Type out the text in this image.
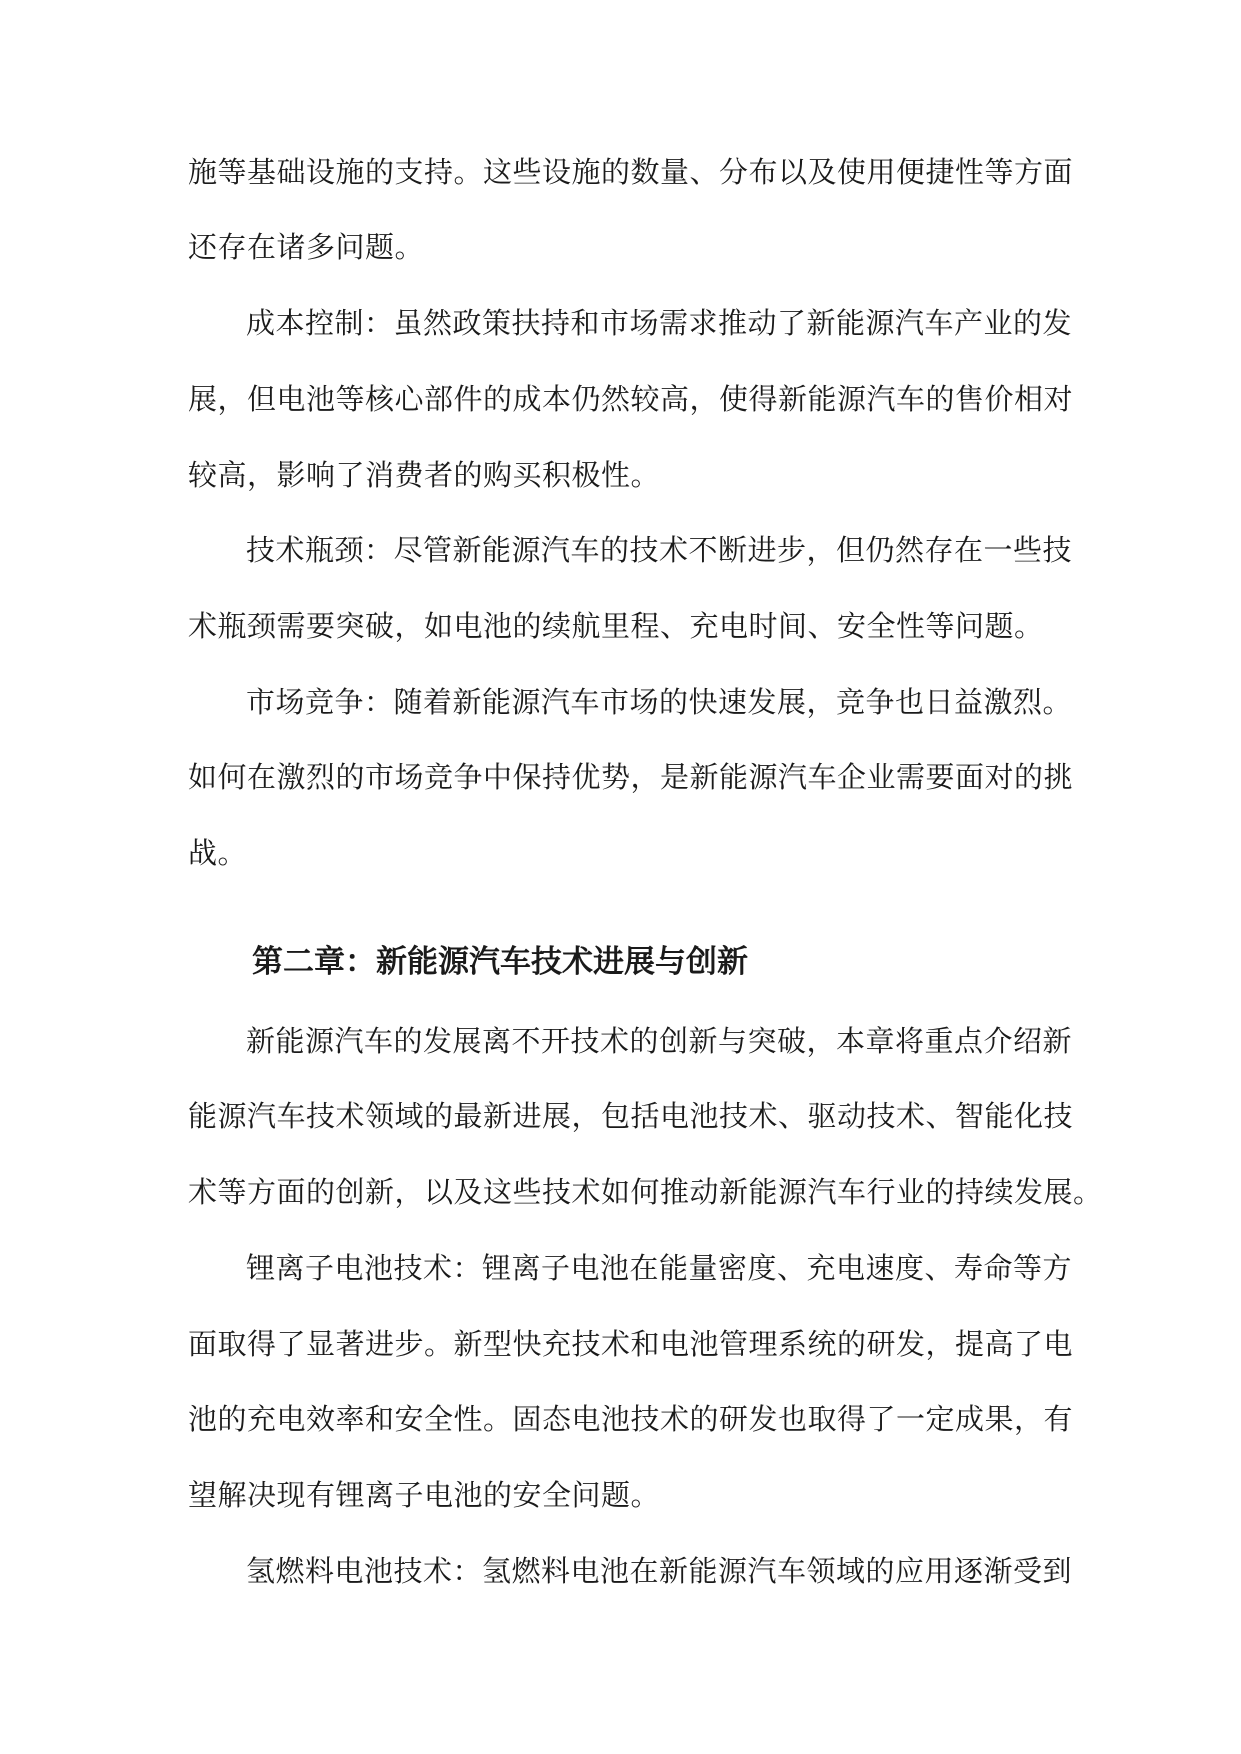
施等基础设施的支持。这些设施的数量、分布以及使用便捷性等方面
还存在诸多问题。
成本控制：虽然政策扶持和市场需求推动了新能源汽车产业的发
展，但电池等核心部件的成本仍然较高，使得新能源汽车的售价相对
较高，影响了消费者的购买积极性。
技术瓶颈：尽管新能源汽车的技术不断进步，但仍然存在一些技
术瓶颈需要突破，如电池的续航里程、充电时间、安全性等问题。
市场竞争：随着新能源汽车市场的快速发展，竞争也日益激烈。
如何在激烈的市场竞争中保持优势，是新能源汽车企业需要面对的挑
战。
第二章：新能源汽车技术进展与创新
新能源汽车的发展离不开技术的创新与突破，本章将重点介绍新
能源汽车技术领域的最新进展，包括电池技术、驱动技术、智能化技
术等方面的创新，以及这些技术如何推动新能源汽车行业的持续发展。
锂离子电池技术：锂离子电池在能量密度、充电速度、寿命等方
面取得了显著进步。新型快充技术和电池管理系统的研发，提高了电
池的充电效率和安全性。固态电池技术的研发也取得了一定成果，有
望解决现有锂离子电池的安全问题。
氢燃料电池技术：氢燃料电池在新能源汽车领域的应用逐渐受到
